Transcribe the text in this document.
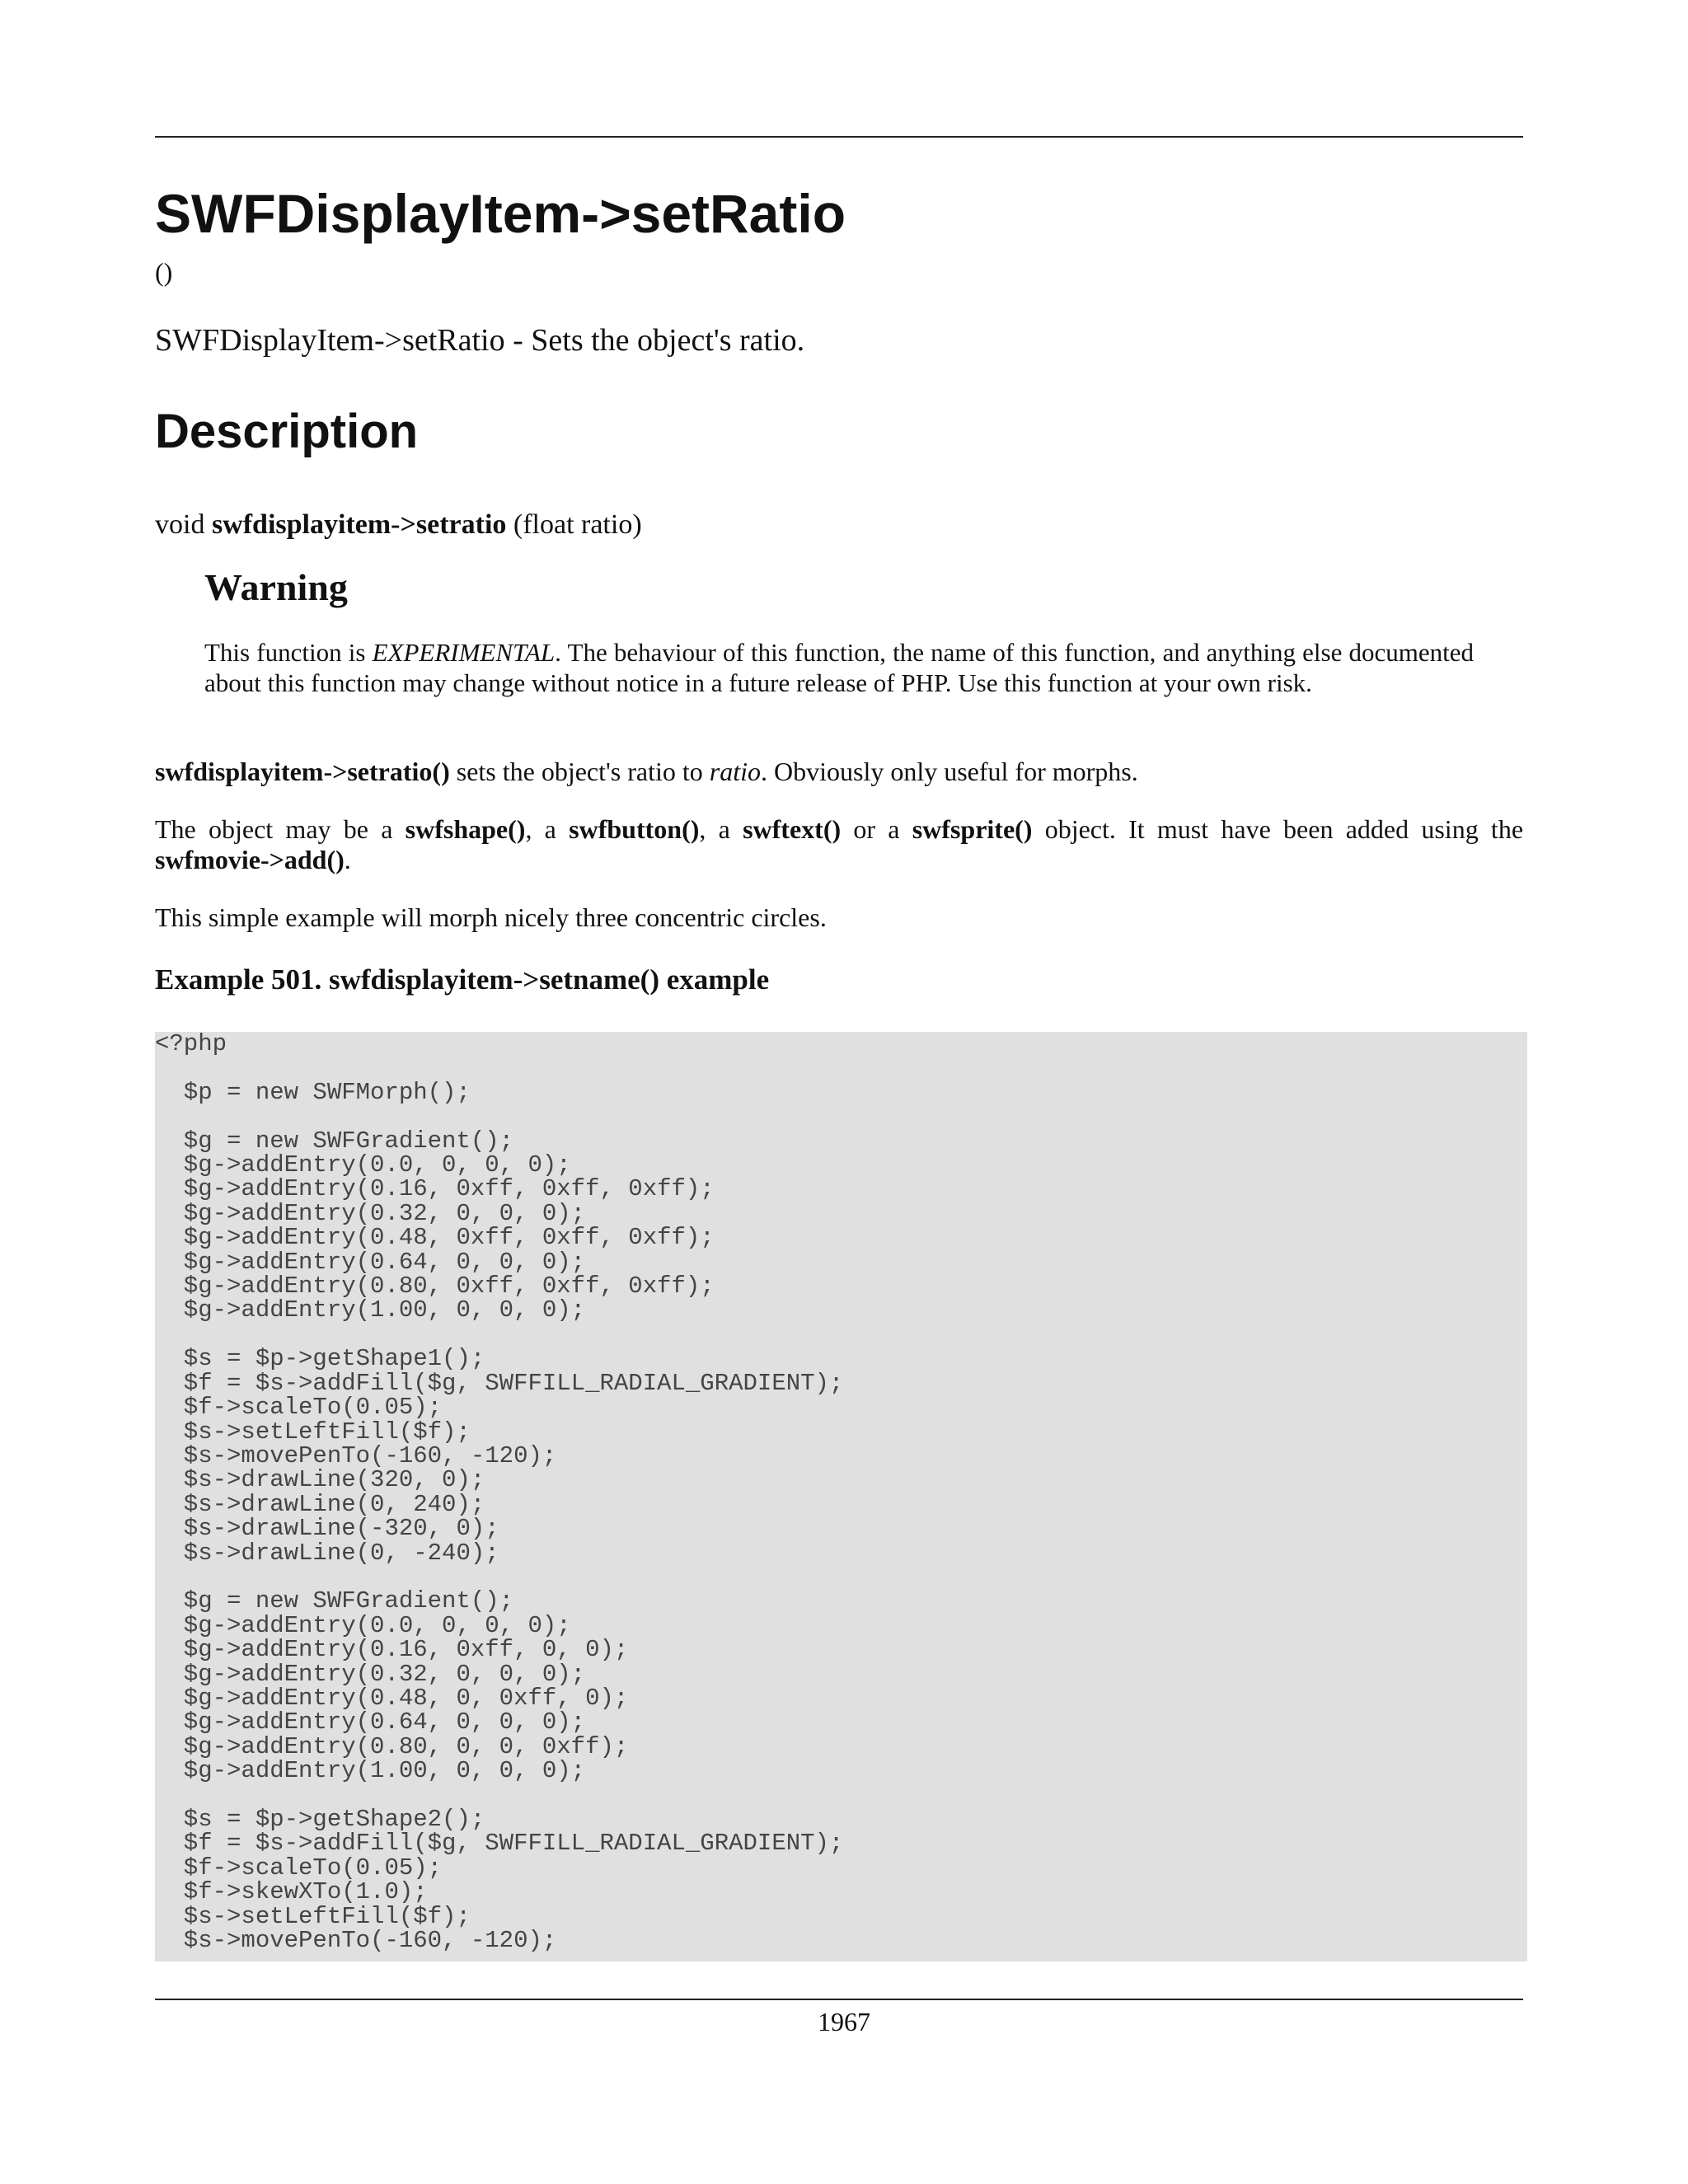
SWFDisplayItem->setRatio
()
SWFDisplayItem->setRatio - Sets the object's ratio.
Description
void swfdisplayitem->setratio (float ratio)
Warning

This function is EXPERIMENTAL. The behaviour of this function, the name of this function, and anything else documented about this function may change without notice in a future release of PHP. Use this function at your own risk.

swfdisplayitem->setratio() sets the object's ratio to ratio. Obviously only useful for morphs.

The object may be a swfshape(), a swfbutton(), a swftext() or a swfsprite() object. It must have been added using the swfmovie->add().

This simple example will morph nicely three concentric circles.

Example 501. swfdisplayitem->setname() example
<?php

$p = new SWFMorph();

$g = new SWFGradient();
$g->addEntry(0.0, 0, 0, 0);
$g->addEntry(0.16, 0xff, 0xff, 0xff);
$g->addEntry(0.32, 0, 0, 0);
$g->addEntry(0.48, 0xff, 0xff, 0xff);
$g->addEntry(0.64, 0, 0, 0);
$g->addEntry(0.80, 0xff, 0xff, 0xff);
$g->addEntry(1.00, 0, 0, 0);

$s = $p->getShape1();
$f = $s->addFill($g, SWFFILL_RADIAL_GRADIENT);
$f->scaleTo(0.05);
$s->setLeftFill($f);
$s->movePenTo(-160, -120);
$s->drawLine(320, 0);
$s->drawLine(0, 240);
$s->drawLine(-320, 0);
$s->drawLine(0, -240);

$g = new SWFGradient();
$g->addEntry(0.0, 0, 0, 0);
$g->addEntry(0.16, 0xff, 0, 0);
$g->addEntry(0.32, 0, 0, 0);
$g->addEntry(0.48, 0, 0xff, 0);
$g->addEntry(0.64, 0, 0, 0);
$g->addEntry(0.80, 0, 0, 0xff);
$g->addEntry(1.00, 0, 0, 0);

$s = $p->getShape2();
$f = $s->addFill($g, SWFFILL_RADIAL_GRADIENT);
$f->scaleTo(0.05);
$f->skewXTo(1.0);
$s->setLeftFill($f);
$s->movePenTo(-160, -120);
1967
